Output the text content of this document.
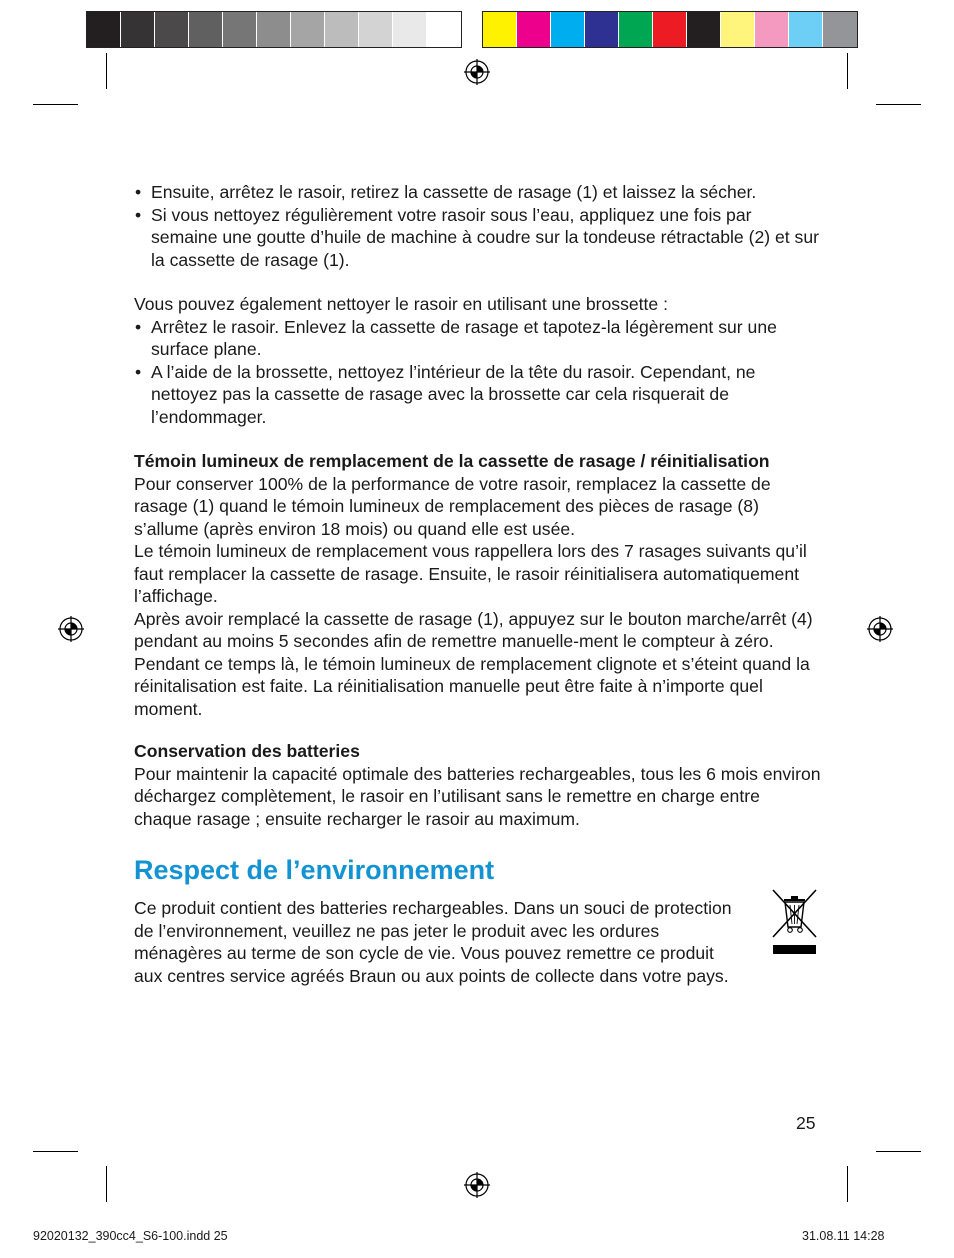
• Ensuite, arrêtez le rasoir, retirez la cassette de rasage (1) et laissez la sécher.
• Si vous nettoyez régulièrement votre rasoir sous l’eau, appliquez une fois par semaine une goutte d’huile de machine à coudre sur la tondeuse rétractable (2) et sur la cassette de rasage (1).

Vous pouvez également nettoyer le rasoir en utilisant une brossette :

• Arrêtez le rasoir. Enlevez la cassette de rasage et tapotez-la légèrement sur une surface plane.
• A l’aide de la brossette, nettoyez l’intérieur de la tête du rasoir. Cependant, ne nettoyez pas la cassette de rasage avec la brossette car cela risquerait de l’endommager.

Témoin lumineux de remplacement de la cassette de rasage / réinitialisation

Pour conserver 100% de la performance de votre rasoir, remplacez la cassette de rasage (1) quand le témoin lumineux de remplacement des pièces de rasage (8) s’allume (après environ 18 mois) ou quand elle est usée.

Le témoin lumineux de remplacement vous rappellera lors des 7 rasages suivants qu’il faut remplacer la cassette de rasage. Ensuite, le rasoir réinitialisera automatiquement l’affichage.

Après avoir remplacé la cassette de rasage (1), appuyez sur le bouton marche/arrêt (4) pendant au moins 5 secondes afin de remettre manuelle-ment le compteur à zéro.

Pendant ce temps là, le témoin lumineux de remplacement clignote et s’éteint quand la réinitalisation est faite. La réinitialisation manuelle peut être faite à n’importe quel moment.

Conservation des batteries

Pour maintenir la capacité optimale des batteries rechargeables, tous les 6 mois environ déchargez complètement, le rasoir en l’utilisant sans le remettre en charge entre chaque rasage ; ensuite recharger le rasoir au maximum.

Respect de l’environnement

Ce produit contient des batteries rechargeables. Dans un souci de protection de l’environnement, veuillez ne pas jeter le produit avec les ordures ménagères au terme de son cycle de vie. Vous pouvez remettre ce produit aux centres service agréés Braun ou aux points de collecte dans votre pays.

25
92020132_390cc4_S6-100.indd 25	31.08.11 14:28
